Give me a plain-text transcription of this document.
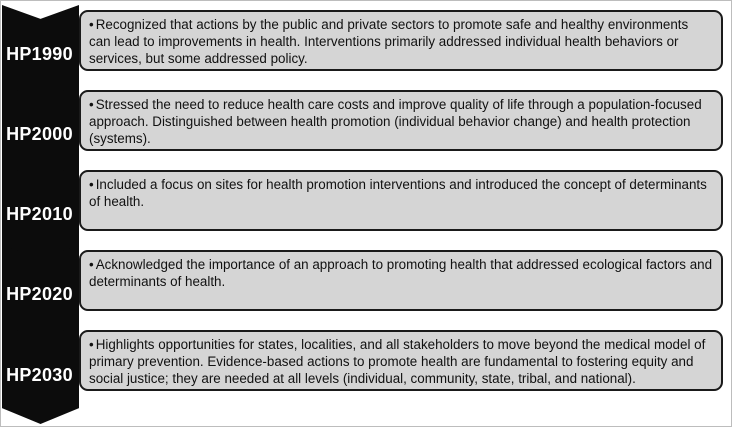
HP1990
• Recognized that actions by the public and private sectors to promote safe and healthy environments can lead to improvements in health. Interventions primarily addressed individual health behaviors or services, but some addressed policy.
HP2000
• Stressed the need to reduce health care costs and improve quality of life through a population-focused approach. Distinguished between health promotion (individual behavior change) and health protection (systems).
HP2010
• Included a focus on sites for health promotion interventions and introduced the concept of determinants of health.
HP2020
• Acknowledged the importance of an approach to promoting health that addressed ecological factors and determinants of health.
HP2030
• Highlights opportunities for states, localities, and all stakeholders to move beyond the medical model of primary prevention. Evidence-based actions to promote health are fundamental to fostering equity and social justice; they are needed at all levels (individual, community, state, tribal, and national).
